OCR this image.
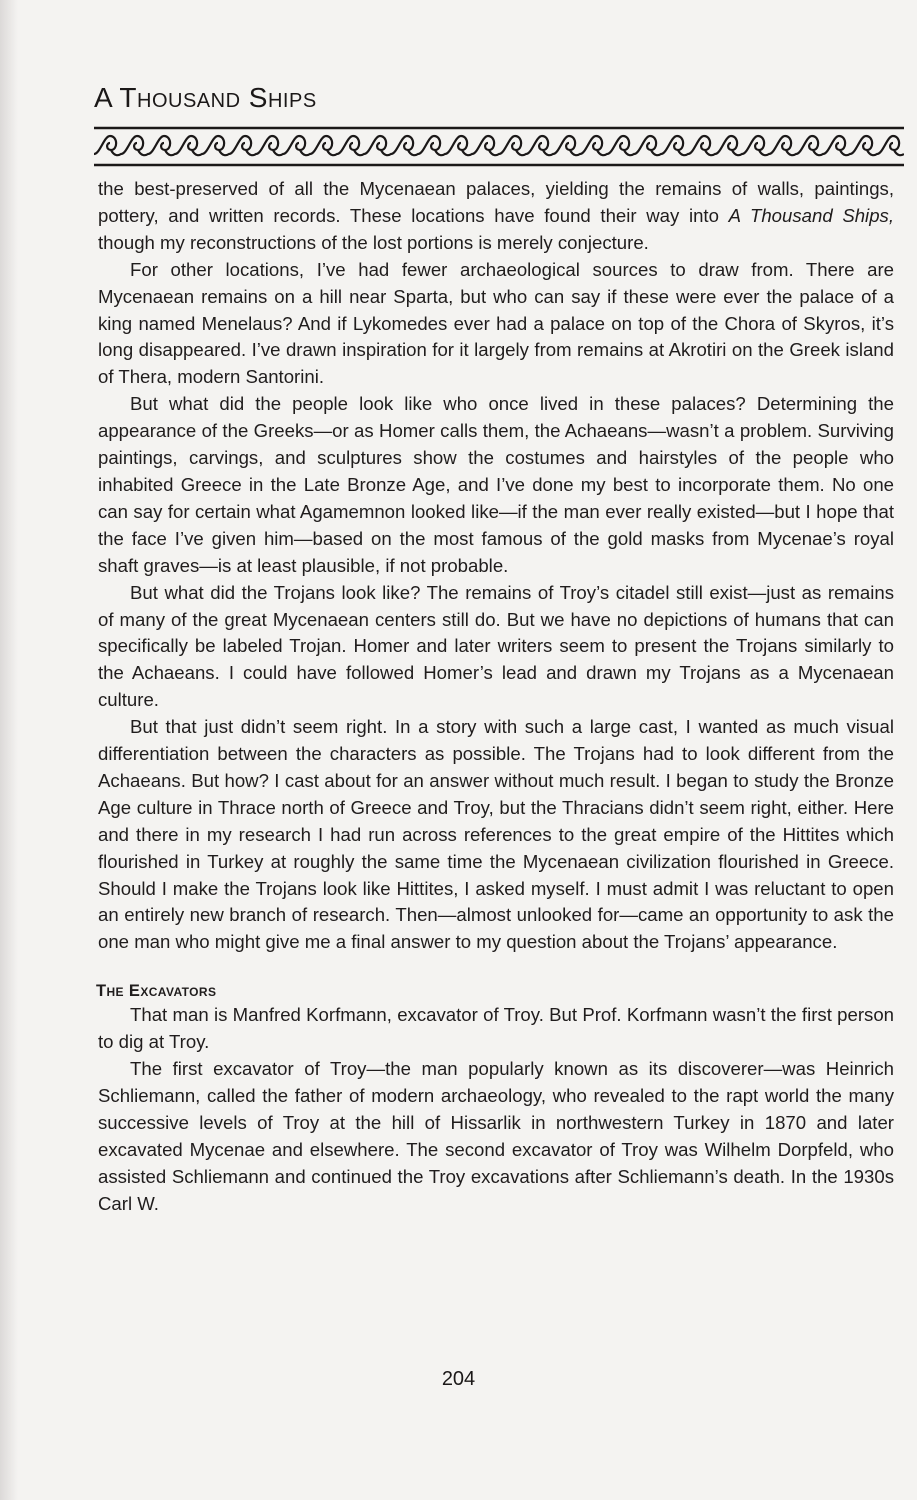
A Thousand Ships

the best-preserved of all the Mycenaean palaces, yielding the remains of walls, paintings, pottery, and written records. These locations have found their way into A Thousand Ships, though my reconstructions of the lost portions is merely conjecture.

For other locations, I’ve had fewer archaeological sources to draw from. There are Mycenaean remains on a hill near Sparta, but who can say if these were ever the palace of a king named Menelaus? And if Lykomedes ever had a palace on top of the Chora of Skyros, it’s long disappeared. I’ve drawn inspiration for it largely from remains at Akrotiri on the Greek island of Thera, modern Santorini.

But what did the people look like who once lived in these palaces? Determining the appearance of the Greeks—or as Homer calls them, the Achaeans—wasn’t a problem. Surviving paintings, carvings, and sculptures show the costumes and hairstyles of the people who inhabited Greece in the Late Bronze Age, and I’ve done my best to incorporate them. No one can say for certain what Agamemnon looked like—if the man ever really existed—but I hope that the face I’ve given him—based on the most famous of the gold masks from Mycenae’s royal shaft graves—is at least plausible, if not probable.

But what did the Trojans look like? The remains of Troy’s citadel still exist—just as remains of many of the great Mycenaean centers still do. But we have no depictions of humans that can specifically be labeled Trojan. Homer and later writers seem to present the Trojans similarly to the Achaeans. I could have followed Homer’s lead and drawn my Trojans as a Mycenaean culture.

But that just didn’t seem right. In a story with such a large cast, I wanted as much visual differentiation between the characters as possible. The Trojans had to look different from the Achaeans. But how? I cast about for an answer without much result. I began to study the Bronze Age culture in Thrace north of Greece and Troy, but the Thracians didn’t seem right, either. Here and there in my research I had run across references to the great empire of the Hittites which flourished in Turkey at roughly the same time the Mycenaean civilization flourished in Greece. Should I make the Trojans look like Hittites, I asked myself. I must admit I was reluctant to open an entirely new branch of research. Then—almost unlooked for—came an opportunity to ask the one man who might give me a final answer to my question about the Trojans’ appearance.

The Excavators

That man is Manfred Korfmann, excavator of Troy. But Prof. Korfmann wasn’t the first person to dig at Troy.

The first excavator of Troy—the man popularly known as its discoverer—was Heinrich Schliemann, called the father of modern archaeology, who revealed to the rapt world the many successive levels of Troy at the hill of Hissarlik in northwestern Turkey in 1870 and later excavated Mycenae and elsewhere. The second excavator of Troy was Wilhelm Dorpfeld, who assisted Schliemann and continued the Troy excavations after Schliemann’s death. In the 1930s Carl W.

204
